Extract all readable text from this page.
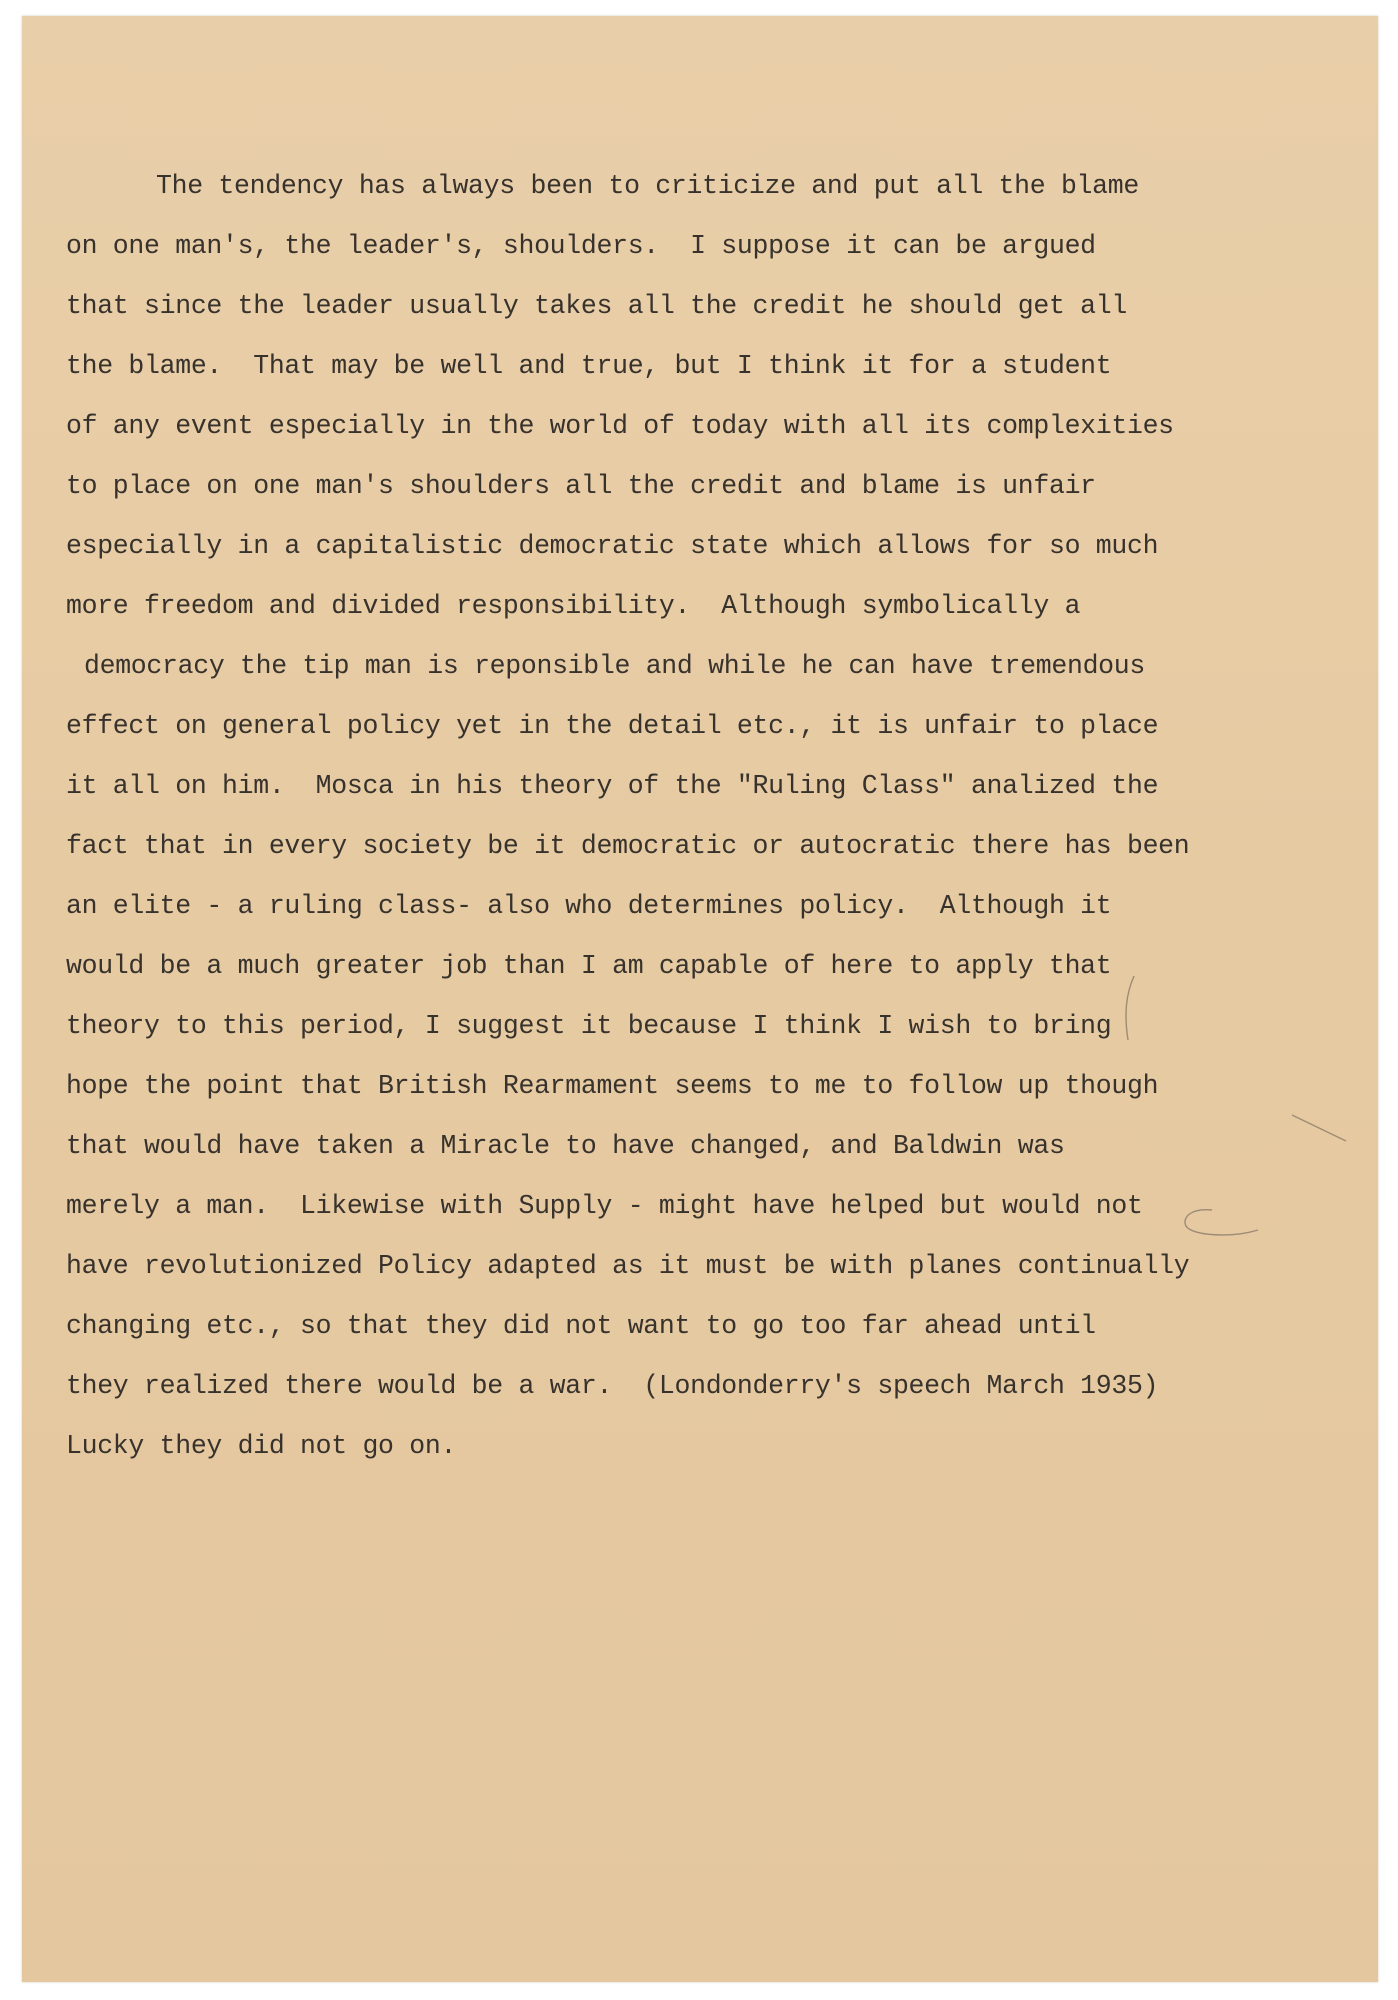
The tendency has always been to criticize and put all the blame
on one man's, the leader's, shoulders.  I suppose it can be argued
that since the leader usually takes all the credit he should get all
the blame.  That may be well and true, but I think it for a student
of any event especially in the world of today with all its complexities
to place on one man's shoulders all the credit and blame is unfair
especially in a capitalistic democratic state which allows for so much
more freedom and divided responsibility.  Although symbolically a
democracy the tip man is reponsible and while he can have tremendous
effect on general policy yet in the detail etc., it is unfair to place
it all on him.  Mosca in his theory of the "Ruling Class" analized the
fact that in every society be it democratic or autocratic there has been
an elite - a ruling class- also who determines policy.  Although it
would be a much greater job than I am capable of here to apply that
theory to this period, I suggest it because I think I wish to bring
hope the point that British Rearmament seems to me to follow up though
that would have taken a Miracle to have changed, and Baldwin was
merely a man.  Likewise with Supply - might have helped but would not
have revolutionized Policy adapted as it must be with planes continually
changing etc., so that they did not want to go too far ahead until
they realized there would be a war.  (Londonderry's speech March 1935)
Lucky they did not go on.
